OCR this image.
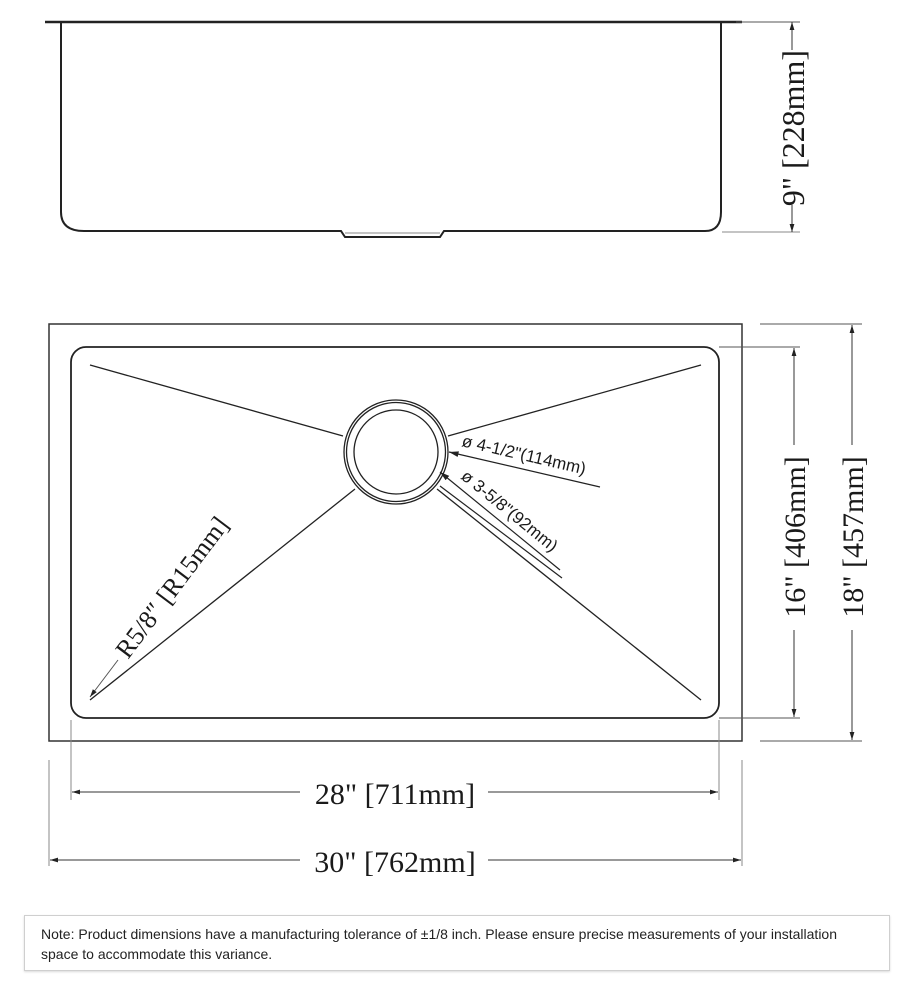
9" [228mm]
ø 4-1/2"(114mm)
ø 3-5/8"(92mm)
R5/8″ [R15mm]	16" [406mm] 18" [457mm]
28" [711mm]
30" [762mm]
Note: Product dimensions have a manufacturing tolerance of ±1/8 inch. Please ensure precise measurements of your installation space to accommodate this variance.
